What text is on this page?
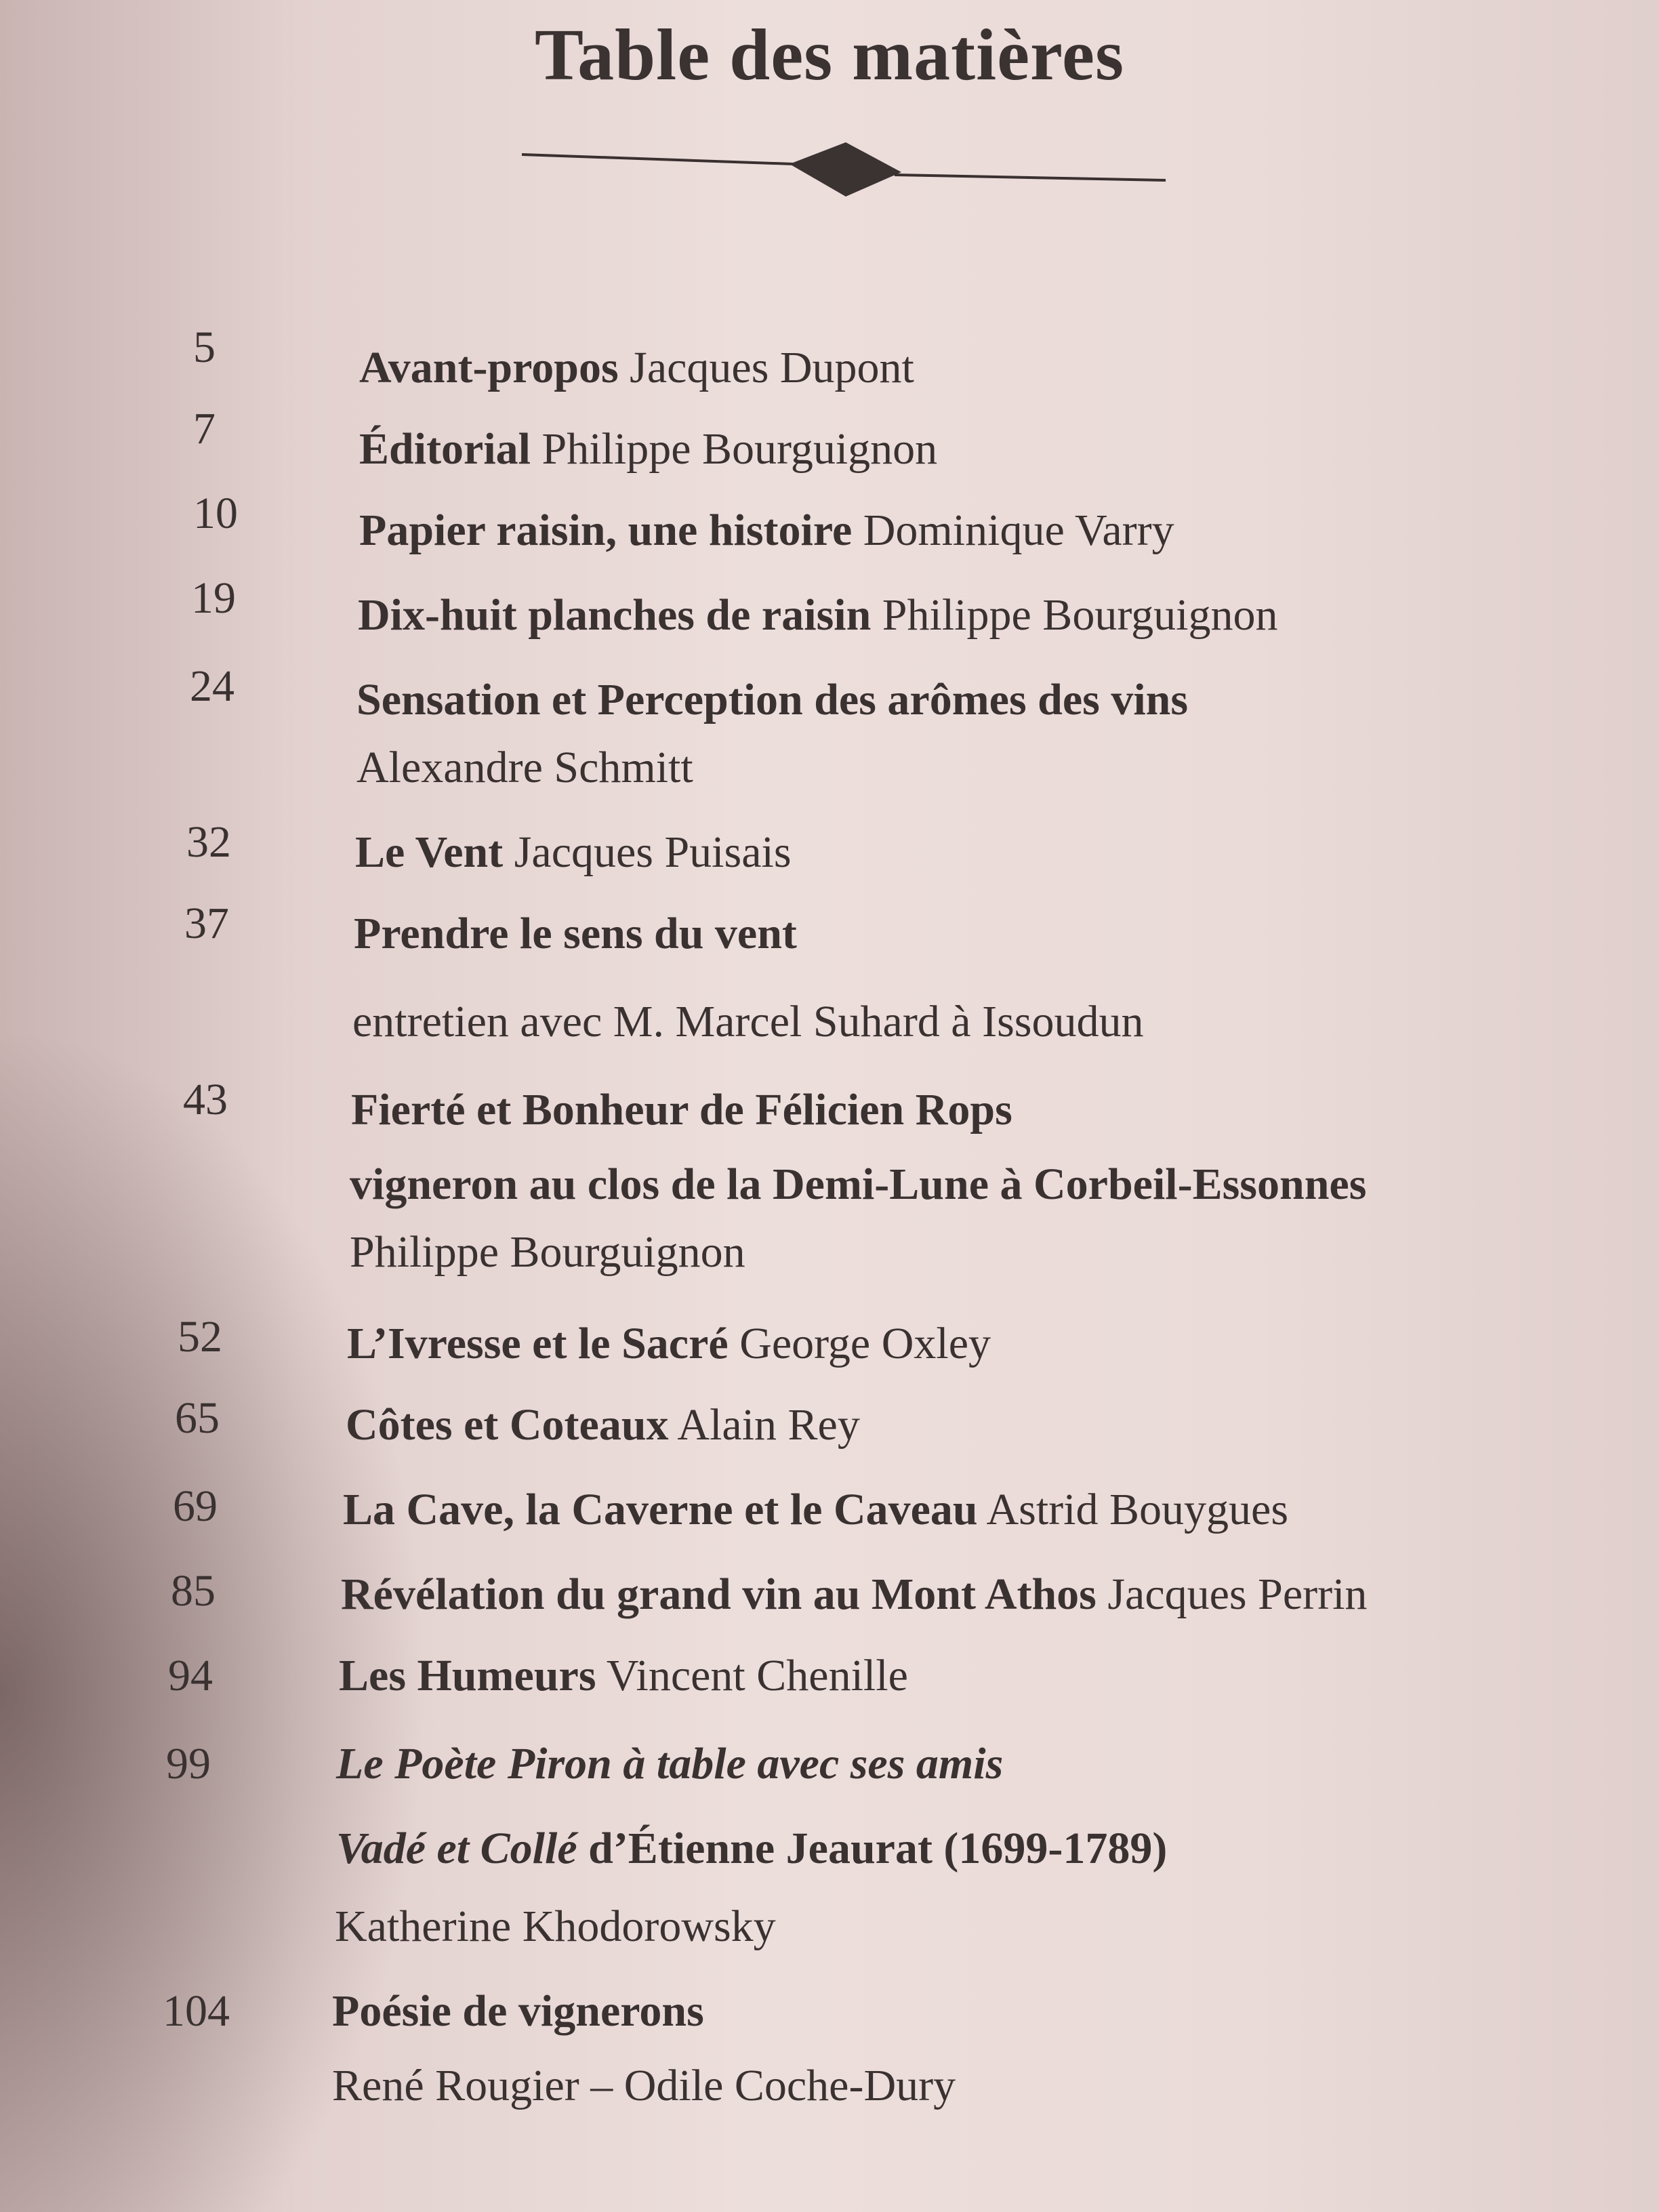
Table des matières
5	Avant-propos Jacques Dupont
7	Éditorial Philippe Bourguignon
10	Papier raisin, une histoire Dominique Varry
19	Dix-huit planches de raisin Philippe Bourguignon
24	Sensation et Perception des arômes des vins
Alexandre Schmitt
32	Le Vent Jacques Puisais
37	Prendre le sens du vent
entretien avec M. Marcel Suhard à Issoudun
43	Fierté et Bonheur de Félicien Rops
vigneron au clos de la Demi-Lune à Corbeil-Essonnes
Philippe Bourguignon
52	L’Ivresse et le Sacré George Oxley
65	Côtes et Coteaux Alain Rey
69	La Cave, la Caverne et le Caveau Astrid Bouygues
85	Révélation du grand vin au Mont Athos Jacques Perrin
94	Les Humeurs Vincent Chenille
99	Le Poète Piron à table avec ses amis
Vadé et Collé d’Étienne Jeaurat (1699-1789)
Katherine Khodorowsky
104 Poésie de vignerons
René Rougier – Odile Coche-Dury
